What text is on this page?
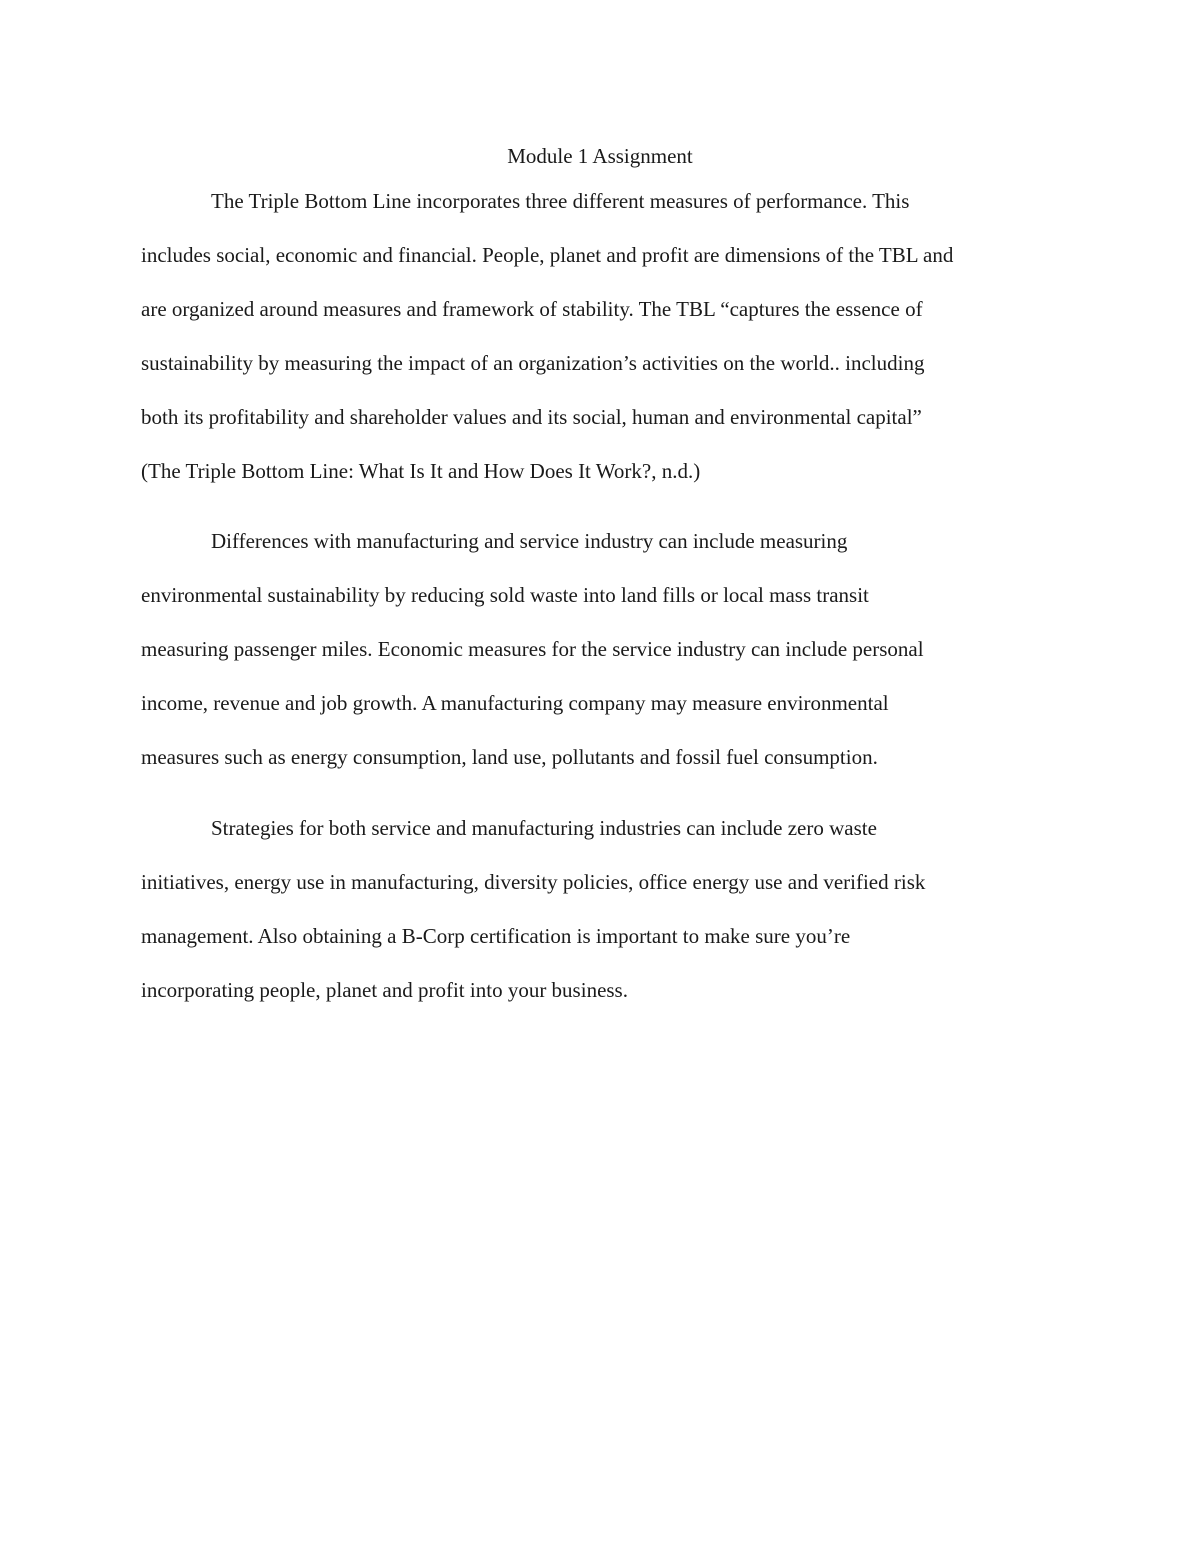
Module 1 Assignment

The Triple Bottom Line incorporates three different measures of performance. This
includes social, economic and financial. People, planet and profit are dimensions of the TBL and
are organized around measures and framework of stability. The TBL “captures the essence of
sustainability by measuring the impact of an organization’s activities on the world.. including
both its profitability and shareholder values and its social, human and environmental capital”
(The Triple Bottom Line: What Is It and How Does It Work?, n.d.)

Differences with manufacturing and service industry can include measuring
environmental sustainability by reducing sold waste into land fills or local mass transit
measuring passenger miles. Economic measures for the service industry can include personal
income, revenue and job growth. A manufacturing company may measure environmental
measures such as energy consumption, land use, pollutants and fossil fuel consumption.

Strategies for both service and manufacturing industries can include zero waste
initiatives, energy use in manufacturing, diversity policies, office energy use and verified risk
management. Also obtaining a B-Corp certification is important to make sure you’re
incorporating people, planet and profit into your business.
